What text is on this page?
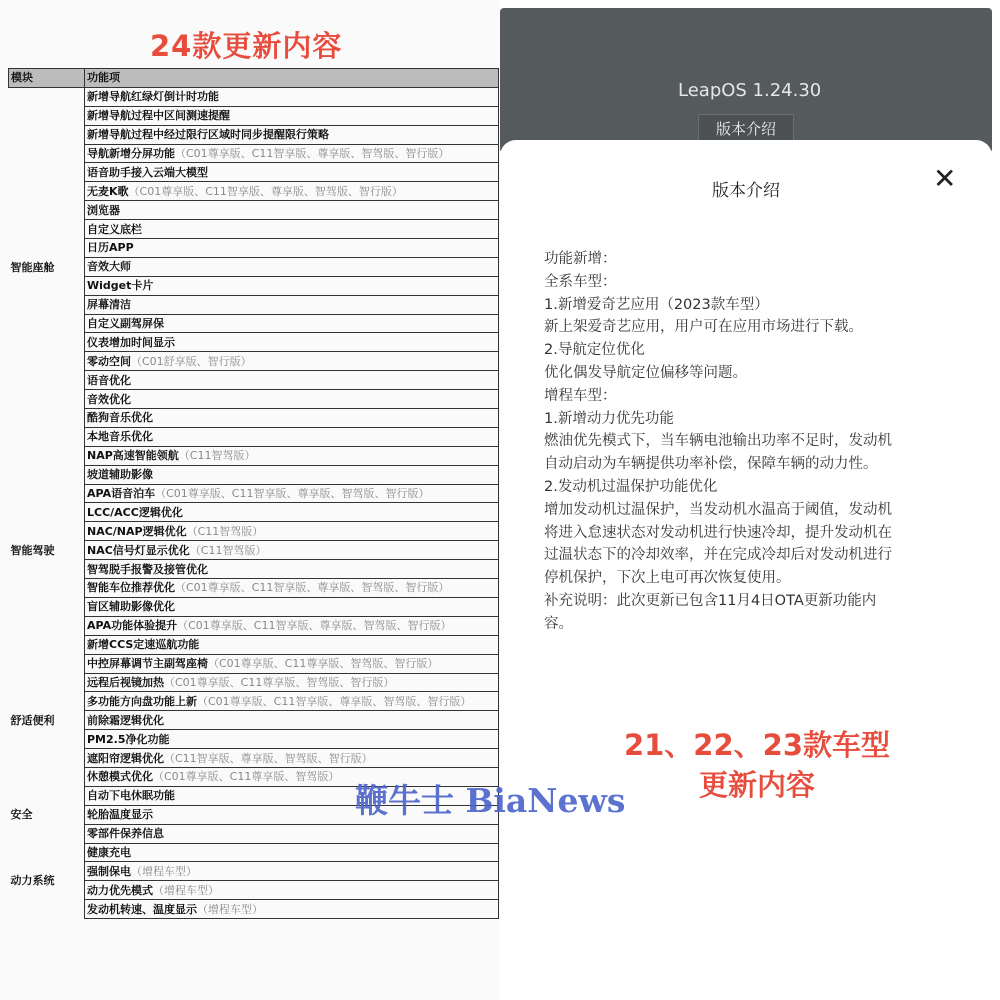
24款更新内容
模块	功能项
智能座舱	新增导航红绿灯倒计时功能
	新增导航过程中区间测速提醒
	新增导航过程中经过限行区域时同步提醒限行策略
	导航新增分屏功能（C01尊享版、C11智享版、尊享版、智驾版、智行版）
	语音助手接入云端大模型
	无麦K歌（C01尊享版、C11智享版、尊享版、智驾版、智行版）
	浏览器
	自定义底栏
	日历APP
	音效大师
	Widget卡片
	屏幕清洁
	自定义副驾屏保
	仪表增加时间显示
	零动空间（C01舒享版、智行版）
	语音优化
	音效优化
	酷狗音乐优化
	本地音乐优化
智能驾驶	NAP高速智能领航（C11智驾版）
	坡道辅助影像
	APA语音泊车（C01尊享版、C11智享版、尊享版、智驾版、智行版）
	LCC/ACC逻辑优化
	NAC/NAP逻辑优化（C11智驾版）
	NAC信号灯显示优化（C11智驾版）
	智驾脱手报警及接管优化
	智能车位推荐优化（C01尊享版、C11智享版、尊享版、智驾版、智行版）
	盲区辅助影像优化
	APA功能体验提升（C01尊享版、C11智享版、尊享版、智驾版、智行版）
	新增CCS定速巡航功能
舒适便利	中控屏幕调节主副驾座椅（C01尊享版、C11尊享版、智驾版、智行版）
	远程后视镜加热（C01尊享版、C11尊享版、智驾版、智行版）
	多功能方向盘功能上新（C01尊享版、C11智享版、尊享版、智驾版、智行版）
	前除霜逻辑优化
	PM2.5净化功能
	遮阳帘逻辑优化（C11智享版、尊享版、智驾版、智行版）
	休憩模式优化（C01尊享版、C11尊享版、智驾版）
安全	自动下电休眠功能
	轮胎温度显示
	零部件保养信息
动力系统	健康充电
	强制保电（增程车型）
	动力优先模式（增程车型）
	发动机转速、温度显示（增程车型）
LeapOS 1.24.30
版本介绍
版本介绍	✕
功能新增：
全系车型：
1.新增爱奇艺应用（2023款车型）
新上架爱奇艺应用，用户可在应用市场进行下载。
2.导航定位优化
优化偶发导航定位偏移等问题。
增程车型：
1.新增动力优先功能
燃油优先模式下，当车辆电池输出功率不足时，发动机
自动启动为车辆提供功率补偿，保障车辆的动力性。
2.发动机过温保护功能优化
增加发动机过温保护，当发动机水温高于阈值，发动机
将进入怠速状态对发动机进行快速冷却，提升发动机在
过温状态下的冷却效率，并在完成冷却后对发动机进行
停机保护，下次上电可再次恢复使用。
补充说明：此次更新已包含11月4日OTA更新功能内
容。
21、22、23款车型
更新内容
鞭牛士 BiaNews
